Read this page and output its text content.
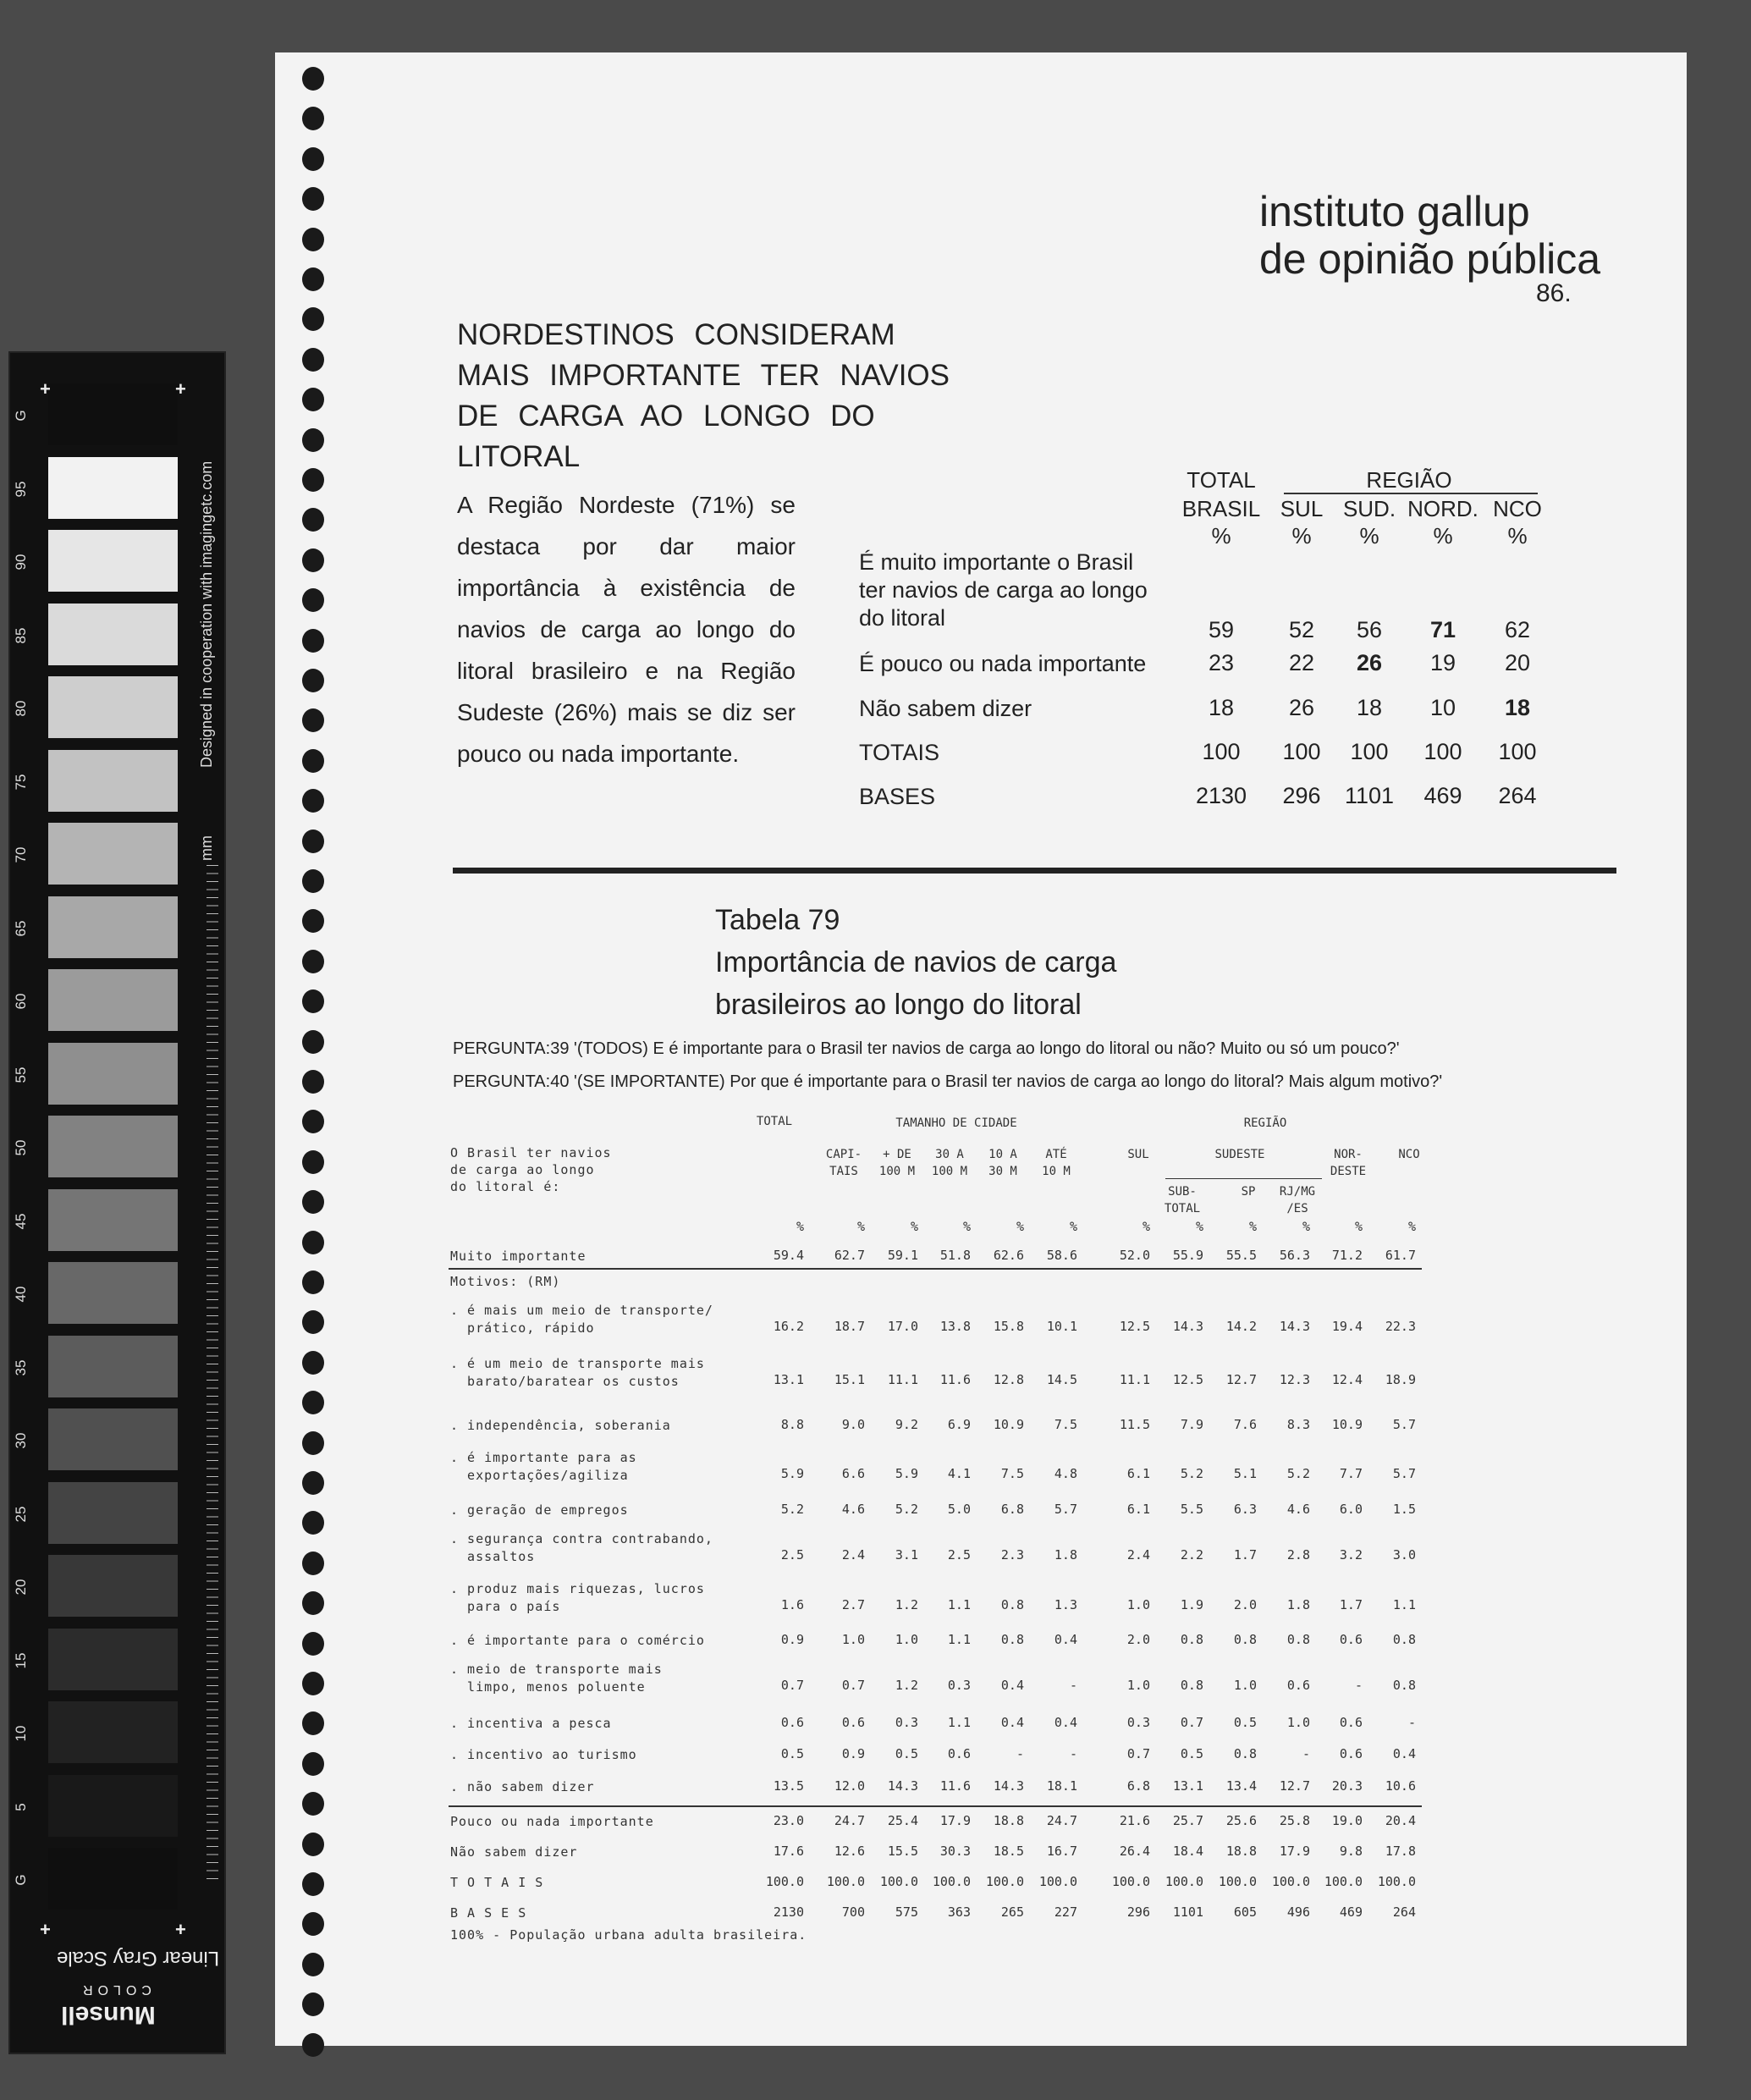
G
95
90
85
80
75
70
65
60
55
50
45
40
35
30
25
20
15
10
5
G
+	+
+	+
Designed in cooperation with imagingetc.com
mm
Linear Gray Scale
Munsell
COLOR
instituto gallup
de opinião pública
86.
NORDESTINOS CONSIDERAM MAIS IMPORTANTE TER NAVIOS DE CARGA AO LONGO DO LITORAL
A Região Nordeste (71%) se destaca por dar maior importância à existência de navios de carga ao longo do litoral brasileiro e na Região Sudeste (26%) mais se diz ser pouco ou nada importante.
TOTAL
BRASIL
REGIÃO
SUL SUD. NORD. NCO
%	%	%	%	%
É muito importante o Brasil ter navios de carga ao longo do litoral	59	52	56	71	62
É pouco ou nada importante	23	22	26	19	20
Não sabem dizer	18	26	18	10	18
TOTAIS	100	100	100	100	100
BASES	2130	296	1101	469	264
Tabela 79
Importância de navios de carga
brasileiros ao longo do litoral
PERGUNTA:39 '(TODOS) E é importante para o Brasil ter navios de carga ao longo do litoral ou não? Muito ou só um pouco?'
PERGUNTA:40 '(SE IMPORTANTE) Por que é importante para o Brasil ter navios de carga ao longo do litoral? Mais algum motivo?'
TOTAL	TAMANHO DE CIDADE	REGIÃO
O Brasil ter navios
de carga ao longo
do litoral é:
CAPI-
TAIS
+ DE
100 M
30 A
100 M
10 A
30 M
ATÉ
10 M
SUL	SUDESTE	NOR-
DESTE
NCO
SUB-
TOTAL
SP	RJ/MG
/ES
%	%	%	%	%	%	%	%	%	%	%	%
Muito importante	59.4	62.7	59.1	51.8	62.6	58.6	52.0	55.9	55.5	56.3	71.2	61.7
. é mais um meio de transporte/
prático, rápido	16.2	18.7	17.0	13.8	15.8	10.1	12.5	14.3	14.2	14.3	19.4	22.3
. é um meio de transporte mais
barato/baratear os custos	13.1	15.1	11.1	11.6	12.8	14.5	11.1	12.5	12.7	12.3	12.4	18.9
. independência, soberania	8.8	9.0	9.2	6.9	10.9	7.5	11.5	7.9	7.6	8.3	10.9	5.7
. é importante para as
exportações/agiliza	5.9	6.6	5.9	4.1	7.5	4.8	6.1	5.2	5.1	5.2	7.7	5.7
. geração de empregos	5.2	4.6	5.2	5.0	6.8	5.7	6.1	5.5	6.3	4.6	6.0	1.5
. segurança contra contrabando,
assaltos	2.5	2.4	3.1	2.5	2.3	1.8	2.4	2.2	1.7	2.8	3.2	3.0
. produz mais riquezas, lucros
para o país	1.6	2.7	1.2	1.1	0.8	1.3	1.0	1.9	2.0	1.8	1.7	1.1
. é importante para o comércio	0.9	1.0	1.0	1.1	0.8	0.4	2.0	0.8	0.8	0.8	0.6	0.8
. meio de transporte mais
limpo, menos poluente	0.7	0.7	1.2	0.3	0.4	-	1.0	0.8	1.0	0.6	-	0.8
. incentiva a pesca	0.6	0.6	0.3	1.1	0.4	0.4	0.3	0.7	0.5	1.0	0.6	-
. incentivo ao turismo	0.5	0.9	0.5	0.6	-	-	0.7	0.5	0.8	-	0.6	0.4
. não sabem dizer	13.5	12.0	14.3	11.6	14.3	18.1	6.8	13.1	13.4	12.7	20.3	10.6
Pouco ou nada importante	23.0	24.7	25.4	17.9	18.8	24.7	21.6	25.7	25.6	25.8	19.0	20.4
Não sabem dizer	17.6	12.6	15.5	30.3	18.5	16.7	26.4	18.4	18.8	17.9	9.8	17.8
T O T A I S	100.0	100.0	100.0	100.0	100.0	100.0	100.0	100.0	100.0	100.0	100.0	100.0
B A S E S	2130	700	575	363	265	227	296	1101	605	496	469	264
Motivos: (RM)
100% - População urbana adulta brasileira.
